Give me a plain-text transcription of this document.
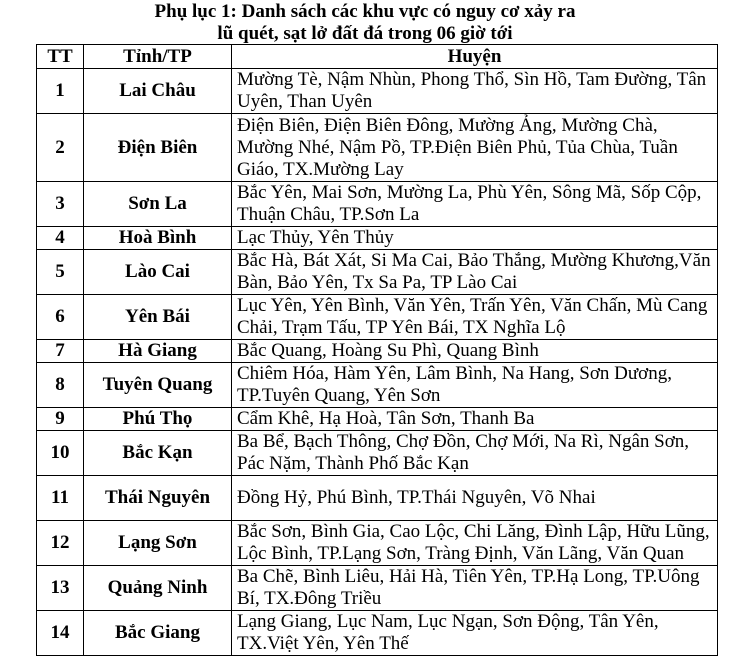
Phụ lục 1: Danh sách các khu vực có nguy cơ xảy ra
lũ quét, sạt lở đất đá trong 06 giờ tới
TT	Tỉnh/TP	Huyện
1	Lai Châu	Mường Tè, Nậm Nhùn, Phong Thổ, Sìn Hồ, Tam Đường, Tân Uyên, Than Uyên
2	Điện Biên	Điện Biên, Điện Biên Đông, Mường Ảng, Mường Chà, Mường Nhé, Nậm Pồ, TP.Điện Biên Phủ, Tủa Chùa, Tuần Giáo, TX.Mường Lay
3	Sơn La	Bắc Yên, Mai Sơn, Mường La, Phù Yên, Sông Mã, Sốp Cộp, Thuận Châu, TP.Sơn La
4	Hoà Bình	Lạc Thủy, Yên Thủy
5	Lào Cai	Bắc Hà, Bát Xát, Si Ma Cai, Bảo Thắng, Mường Khương,Văn Bàn, Bảo Yên, Tx Sa Pa, TP Lào Cai
6	Yên Bái	Lục Yên, Yên Bình, Văn Yên, Trấn Yên, Văn Chấn, Mù Cang Chải, Trạm Tấu, TP Yên Bái, TX Nghĩa Lộ
7	Hà Giang	Bắc Quang, Hoàng Su Phì, Quang Bình
8	Tuyên Quang	Chiêm Hóa, Hàm Yên, Lâm Bình, Na Hang, Sơn Dương, TP.Tuyên Quang, Yên Sơn
9	Phú Thọ	Cẩm Khê, Hạ Hoà, Tân Sơn, Thanh Ba
10	Bắc Kạn	Ba Bể, Bạch Thông, Chợ Đồn, Chợ Mới, Na Rì, Ngân Sơn, Pác Nặm, Thành Phố Bắc Kạn
11	Thái Nguyên	Đồng Hỷ, Phú Bình, TP.Thái Nguyên, Võ Nhai
12	Lạng Sơn	Bắc Sơn, Bình Gia, Cao Lộc, Chi Lăng, Đình Lập, Hữu Lũng, Lộc Bình, TP.Lạng Sơn, Tràng Định, Văn Lãng, Văn Quan
13	Quảng Ninh	Ba Chẽ, Bình Liêu, Hải Hà, Tiên Yên, TP.Hạ Long, TP.Uông Bí, TX.Đông Triều
14	Bắc Giang	Lạng Giang, Lục Nam, Lục Ngạn, Sơn Động, Tân Yên, TX.Việt Yên, Yên Thế
